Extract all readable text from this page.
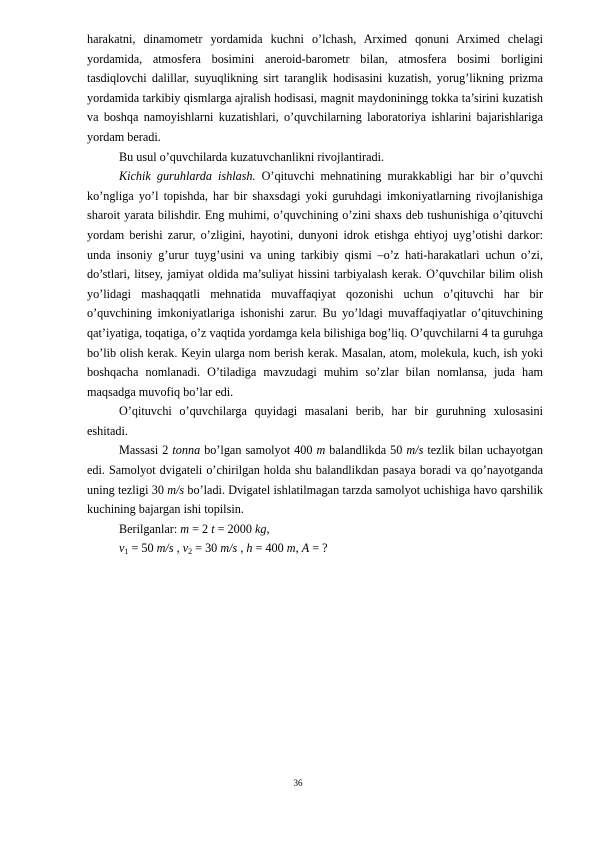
harakatni, dinamometr yordamida kuchni o’lchash, Arximed qonuni Arximed chelagi yordamida, atmosfera bosimini aneroid-barometr bilan, atmosfera bosimi borligini tasdiqlovchi dalillar, suyuqlikning sirt taranglik hodisasini kuzatish, yorug’likning prizma yordamida tarkibiy qismlarga ajralish hodisasi, magnit maydoniningg tokka ta’sirini kuzatish va boshqa namoyishlarni kuzatishlari, o’quvchilarning laboratoriya ishlarini bajarishlariga yordam beradi.

Bu usul o’quvchilarda kuzatuvchanlikni rivojlantiradi.

Kichik guruhlarda ishlash. O’qituvchi mehnatining murakkabligi har bir o’quvchi ko’ngliga yo’l topishda, har bir shaxsdagi yoki guruhdagi imkoniyatlarning rivojlanishiga sharoit yarata bilishdir. Eng muhimi, o’quvchining o’zini shaxs deb tushunishiga o’qituvchi yordam berishi zarur, o’zligini, hayotini, dunyoni idrok etishga ehtiyoj uyg’otishi darkor: unda insoniy g’urur tuyg’usini va uning tarkibiy qismi –o’z hati-harakatlari uchun o’zi, do’stlari, litsey, jamiyat oldida ma’suliyat hissini tarbiyalash kerak. O’quvchilar bilim olish yo’lidagi mashaqqatli mehnatida muvaffaqiyat qozonishi uchun o’qituvchi har bir o’quvchining imkoniyatlariga ishonishi zarur. Bu yo’ldagi muvaffaqiyatlar o’qituvchining qat’iyatiga, toqatiga, o’z vaqtida yordamga kela bilishiga bog’liq. O’quvchilarni 4 ta guruhga bo’lib olish kerak. Keyin ularga nom berish kerak. Masalan, atom, molekula, kuch, ish yoki boshqacha nomlanadi. O’tiladiga mavzudagi muhim so’zlar bilan nomlansa, juda ham maqsadga muvofiq bo’lar edi.

O’qituvchi o’quvchilarga quyidagi masalani berib, har bir guruhning xulosasini eshitadi.

Massasi 2 tonna bo’lgan samolyot 400 m balandlikda 50 m/s tezlik bilan uchayotgan edi. Samolyot dvigateli o’chirilgan holda shu balandlikdan pasaya boradi va qo’nayotganda uning tezligi 30 m/s bo’ladi. Dvigatel ishlatilmagan tarzda samolyot uchishiga havo qarshilik kuchining bajargan ishi topilsin.

Berilganlar: m = 2 t = 2000 kg,

$v_1 = 50$ m/s , $v_2 = 30$ m/s , h = 400 m, A = ?

36
